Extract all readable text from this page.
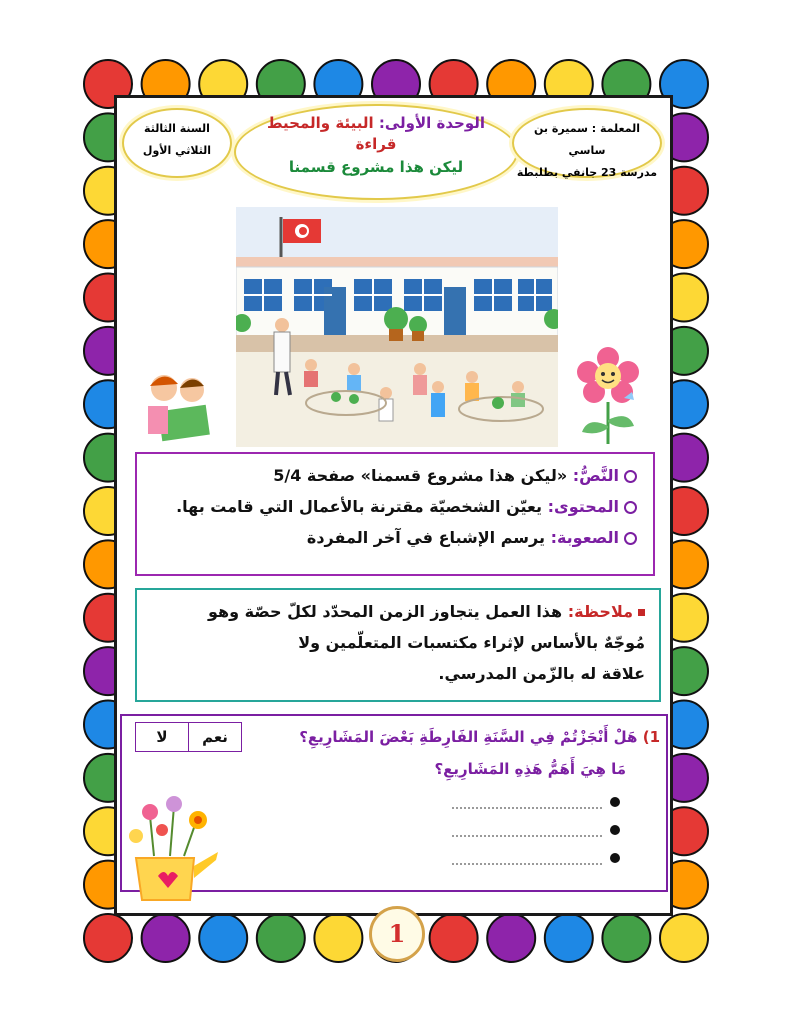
السنة الثالثة
الثلاثي الأول
الوحدة الأولى: البيئة والمحيط
قراءة
ليكن هذا مشروع قسمنا
المعلمة : سميرة بن ساسي
مدرسة 23 جانفي بطلبطة
النَّصُّ: «ليكن هذا مشروع قسمنا» صفحة 5/4
المحتوى: يعيّن الشخصيّة مقترنة بالأعمال التي قامت بها.
الصعوبة: يرسم الإشباع في آخر المفردة
ملاحظة: هذا العمل يتجاوز الزمن المحدّد لكلّ حصّة وهو
مُوجّهٌ بالأساس لإثراء مكتسبات المتعلّمين ولا
علاقة له بالزّمن المدرسي.
1) هَلْ أَنْجَزْتُمْ فِي السَّنَةِ الفَارِطَةِ بَعْضَ المَشَارِيعِ؟
مَا هِيَ أَهَمُّ هَذِهِ المَشَارِيعِ؟
نعم
لا
1
